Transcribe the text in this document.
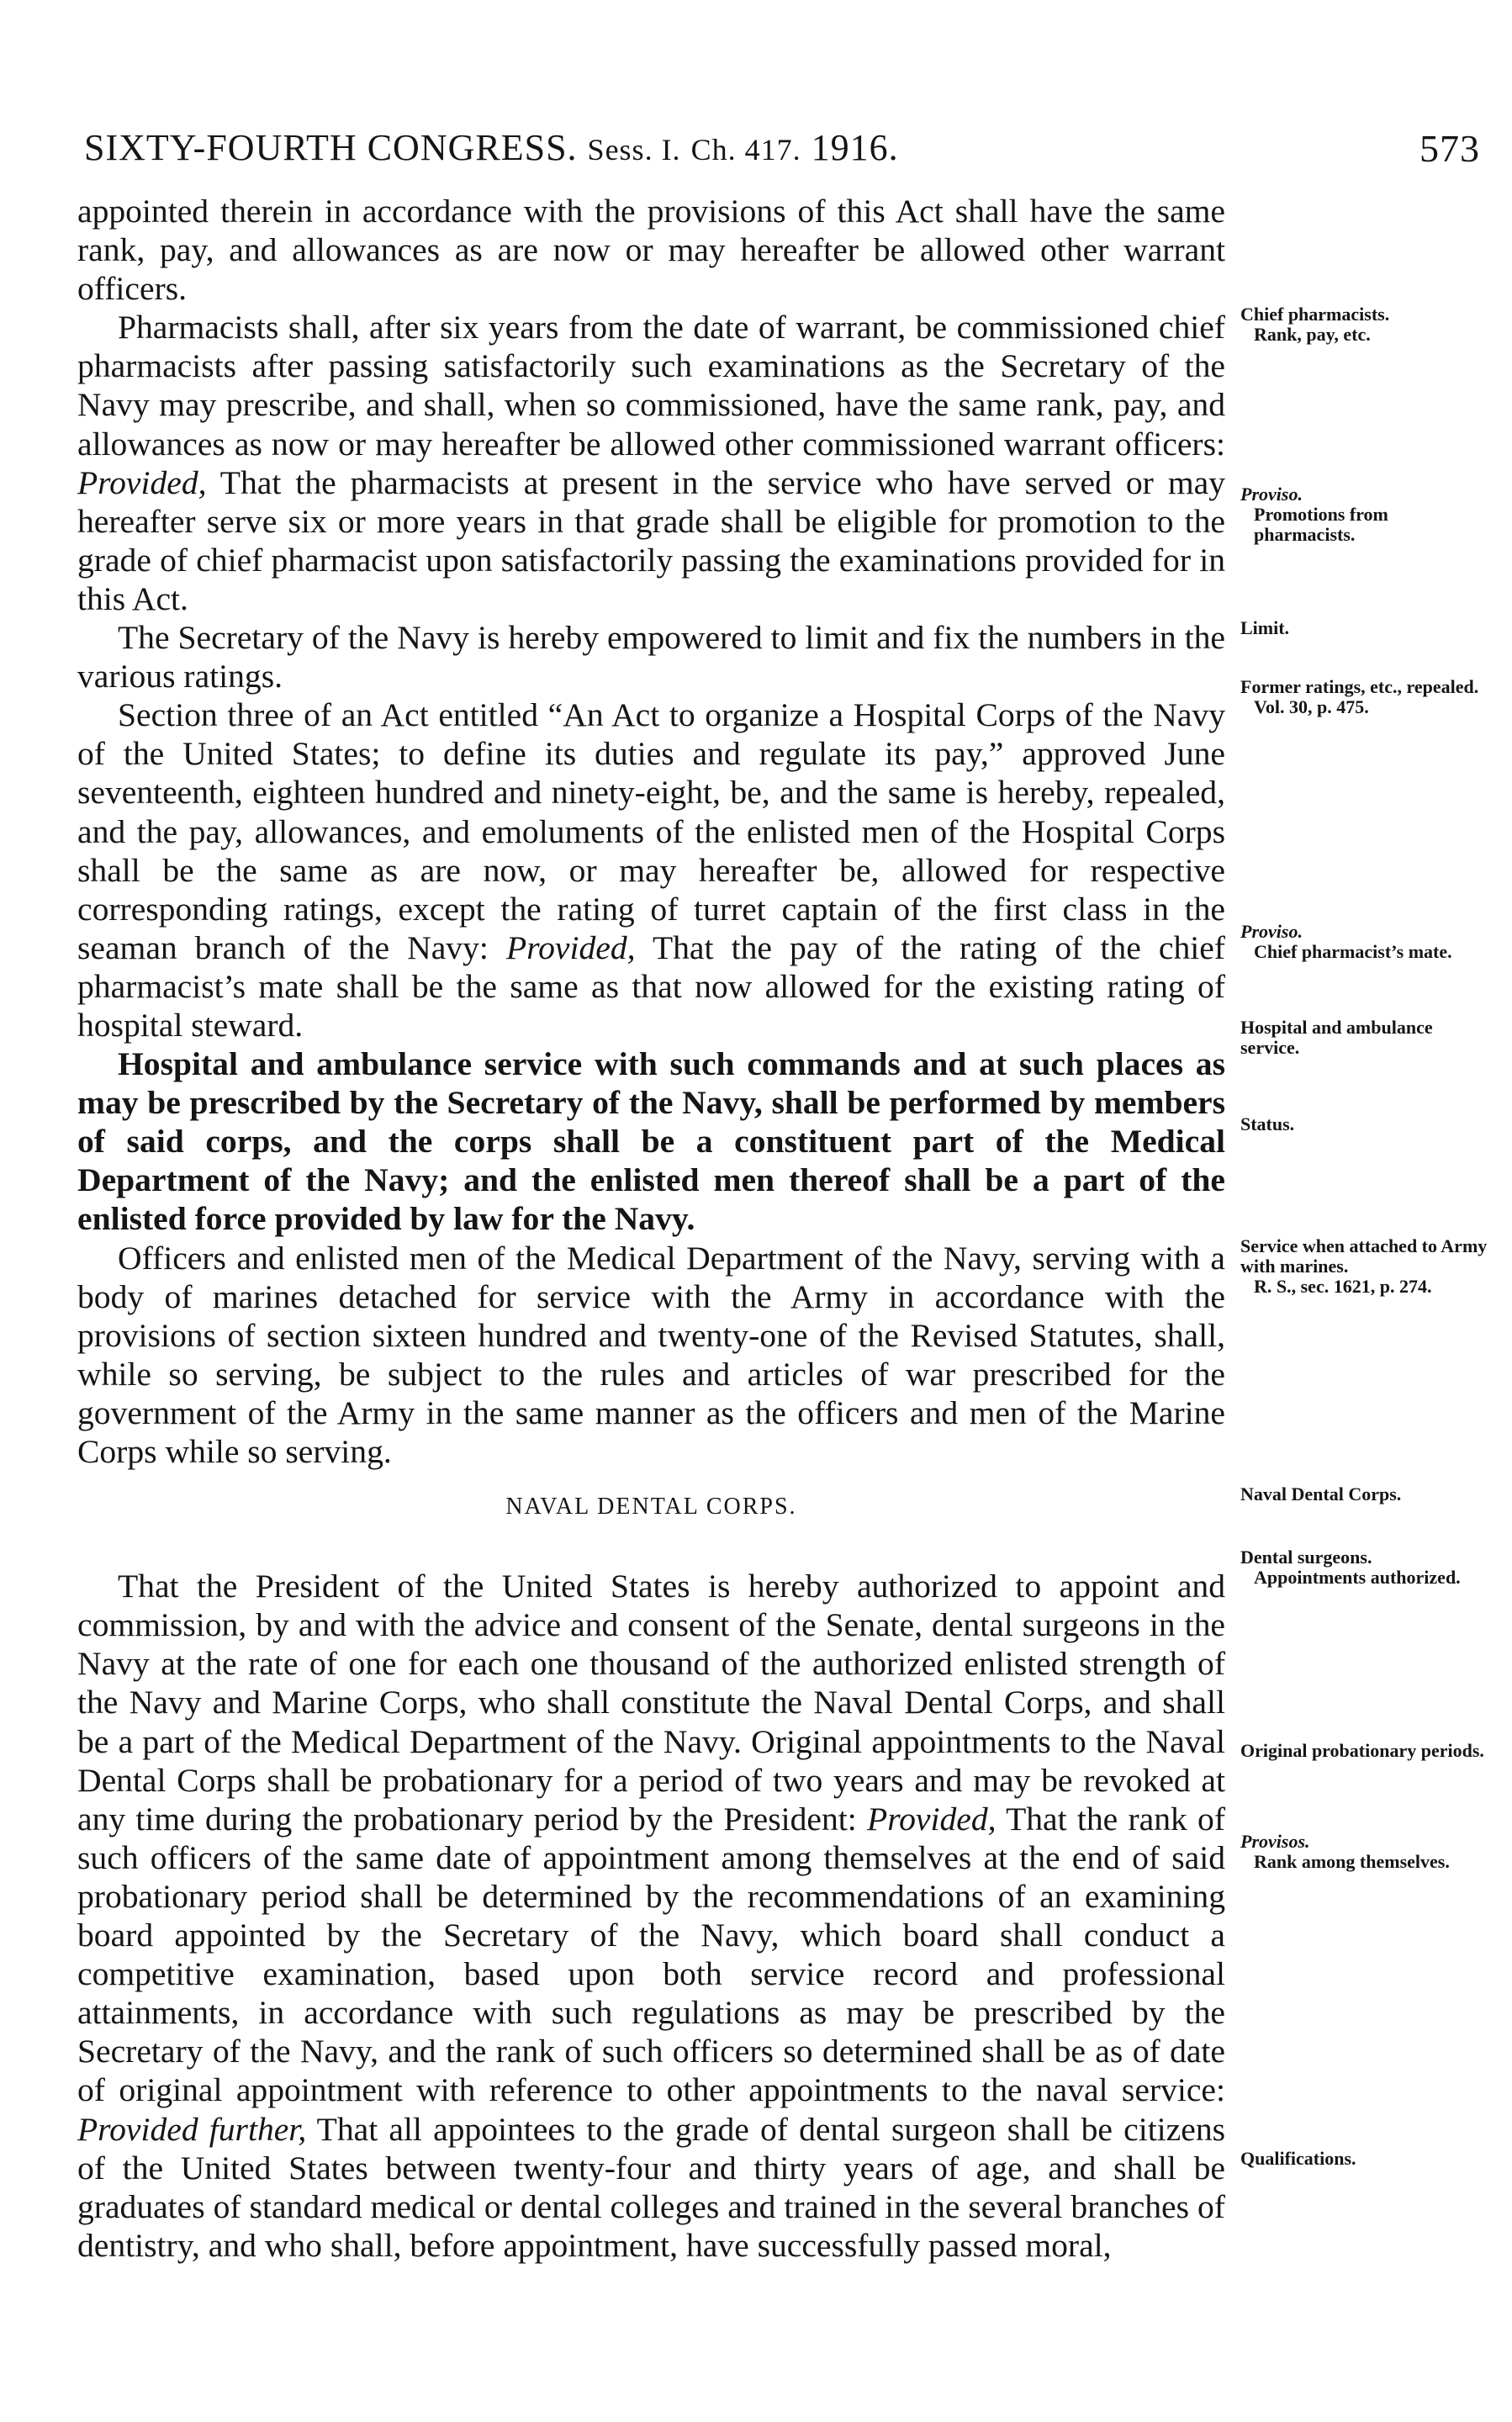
SIXTY-FOURTH CONGRESS. Sess. I. Ch. 417. 1916.	573

appointed therein in accordance with the provisions of this Act shall have the same rank, pay, and allowances as are now or may hereafter be allowed other warrant officers.

Pharmacists shall, after six years from the date of warrant, be commissioned chief pharmacists after passing satisfactorily such examinations as the Secretary of the Navy may prescribe, and shall, when so commissioned, have the same rank, pay, and allowances as now or may hereafter be allowed other commissioned warrant officers: Provided, That the pharmacists at present in the service who have served or may hereafter serve six or more years in that grade shall be eligible for promotion to the grade of chief pharmacist upon satisfactorily passing the examinations provided for in this Act.

The Secretary of the Navy is hereby empowered to limit and fix the numbers in the various ratings.

Section three of an Act entitled “An Act to organize a Hospital Corps of the Navy of the United States; to define its duties and regulate its pay,” approved June seventeenth, eighteen hundred and ninety-eight, be, and the same is hereby, repealed, and the pay, allowances, and emoluments of the enlisted men of the Hospital Corps shall be the same as are now, or may hereafter be, allowed for respective corresponding ratings, except the rating of turret captain of the first class in the seaman branch of the Navy: Provided, That the pay of the rating of the chief pharmacist’s mate shall be the same as that now allowed for the existing rating of hospital steward.

Hospital and ambulance service with such commands and at such places as may be prescribed by the Secretary of the Navy, shall be performed by members of said corps, and the corps shall be a constituent part of the Medical Department of the Navy; and the enlisted men thereof shall be a part of the enlisted force provided by law for the Navy.

Officers and enlisted men of the Medical Department of the Navy, serving with a body of marines detached for service with the Army in accordance with the provisions of section sixteen hundred and twenty-one of the Revised Statutes, shall, while so serving, be subject to the rules and articles of war prescribed for the government of the Army in the same manner as the officers and men of the Marine Corps while so serving.

NAVAL DENTAL CORPS.

That the President of the United States is hereby authorized to appoint and commission, by and with the advice and consent of the Senate, dental surgeons in the Navy at the rate of one for each one thousand of the authorized enlisted strength of the Navy and Marine Corps, who shall constitute the Naval Dental Corps, and shall be a part of the Medical Department of the Navy. Original appointments to the Naval Dental Corps shall be probationary for a period of two years and may be revoked at any time during the probationary period by the President: Provided, That the rank of such officers of the same date of appointment among themselves at the end of said probationary period shall be determined by the recommendations of an examining board appointed by the Secretary of the Navy, which board shall conduct a competitive examination, based upon both service record and professional attainments, in accordance with such regulations as may be prescribed by the Secretary of the Navy, and the rank of such officers so determined shall be as of date of original appointment with reference to other appointments to the naval service: Provided further, That all appointees to the grade of dental surgeon shall be citizens of the United States between twenty-four and thirty years of age, and shall be graduates of standard medical or dental colleges and trained in the several branches of dentistry, and who shall, before appointment, have successfully passed moral,

Chief pharmacists.
Rank, pay, etc.
Proviso.
Promotions from pharmacists.
Limit.
Former ratings, etc., repealed.
Vol. 30, p. 475.
Proviso.
Chief pharmacist’s mate.
Hospital and ambulance service.
Status.
Service when attached to Army with marines.
R. S., sec. 1621, p. 274.
Naval Dental Corps.
Dental surgeons.
Appointments authorized.
Original probationary periods.
Provisos.
Rank among themselves.
Qualifications.
